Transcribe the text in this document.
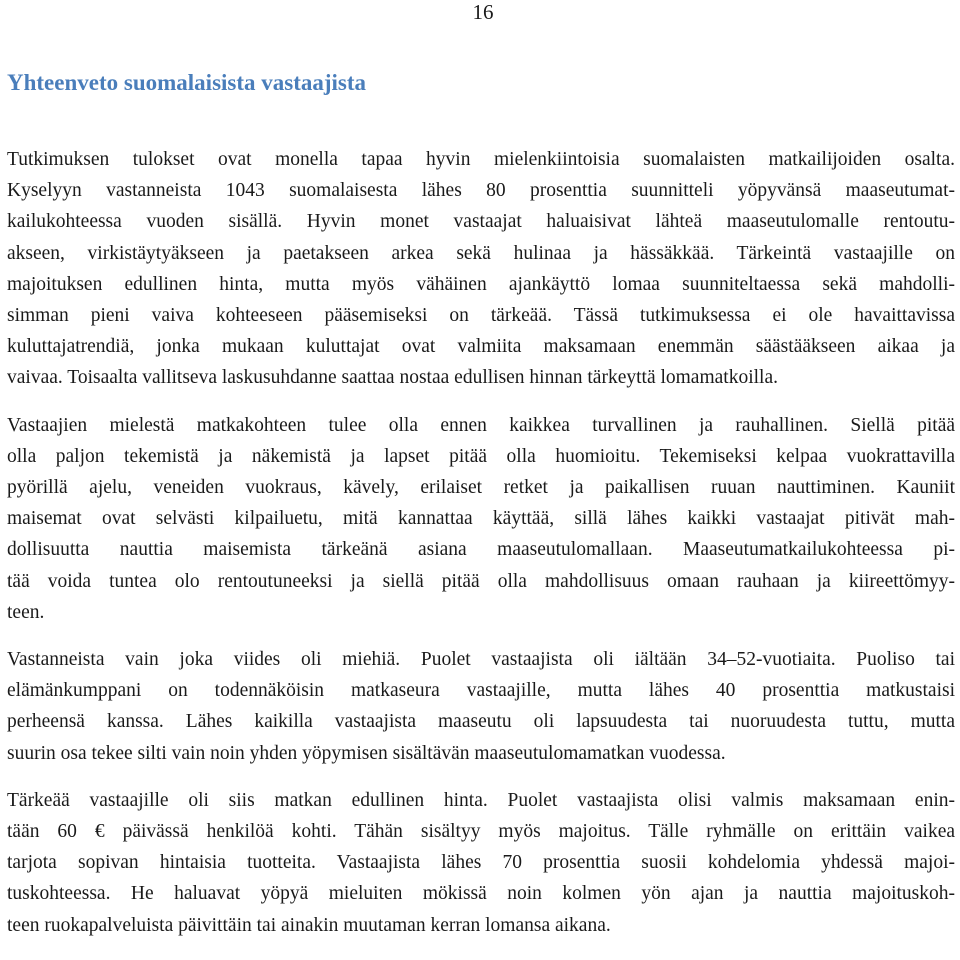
16
Yhteenveto suomalaisista vastaajista

Tutkimuksen tulokset ovat monella tapaa hyvin mielenkiintoisia suomalaisten matkailijoiden osalta.
Kyselyyn vastanneista 1043 suomalaisesta lähes 80 prosenttia suunnitteli yöpyvänsä maaseutumat-
kailukohteessa vuoden sisällä. Hyvin monet vastaajat haluaisivat lähteä maaseutulomalle rentoutu-
akseen, virkistäytyäkseen ja paetakseen arkea sekä hulinaa ja hässäkkää. Tärkeintä vastaajille on
majoituksen edullinen hinta, mutta myös vähäinen ajankäyttö lomaa suunniteltaessa sekä mahdolli-
simman pieni vaiva kohteeseen pääsemiseksi on tärkeää. Tässä tutkimuksessa ei ole havaittavissa
kuluttajatrendiä, jonka mukaan kuluttajat ovat valmiita maksamaan enemmän säästääkseen aikaa ja
vaivaa. Toisaalta vallitseva laskusuhdanne saattaa nostaa edullisen hinnan tärkeyttä lomamatkoilla.

Vastaajien mielestä matkakohteen tulee olla ennen kaikkea turvallinen ja rauhallinen. Siellä pitää
olla paljon tekemistä ja näkemistä ja lapset pitää olla huomioitu. Tekemiseksi kelpaa vuokrattavilla
pyörillä ajelu, veneiden vuokraus, kävely, erilaiset retket ja paikallisen ruuan nauttiminen. Kauniit
maisemat ovat selvästi kilpailuetu, mitä kannattaa käyttää, sillä lähes kaikki vastaajat pitivät mah-
dollisuutta nauttia maisemista tärkeänä asiana maaseutulomallaan. Maaseutumatkailukohteessa pi-
tää voida tuntea olo rentoutuneeksi ja siellä pitää olla mahdollisuus omaan rauhaan ja kiireettömyy-
teen.

Vastanneista vain joka viides oli miehiä. Puolet vastaajista oli iältään 34–52-vuotiaita. Puoliso tai
elämänkumppani on todennäköisin matkaseura vastaajille, mutta lähes 40 prosenttia matkustaisi
perheensä kanssa. Lähes kaikilla vastaajista maaseutu oli lapsuudesta tai nuoruudesta tuttu, mutta
suurin osa tekee silti vain noin yhden yöpymisen sisältävän maaseutulomamatkan vuodessa.

Tärkeää vastaajille oli siis matkan edullinen hinta. Puolet vastaajista olisi valmis maksamaan enin-
tään 60 € päivässä henkilöä kohti. Tähän sisältyy myös majoitus. Tälle ryhmälle on erittäin vaikea
tarjota sopivan hintaisia tuotteita. Vastaajista lähes 70 prosenttia suosii kohdelomia yhdessä majoi-
tuskohteessa. He haluavat yöpyä mieluiten mökissä noin kolmen yön ajan ja nauttia majoituskoh-
teen ruokapalveluista päivittäin tai ainakin muutaman kerran lomansa aikana.
